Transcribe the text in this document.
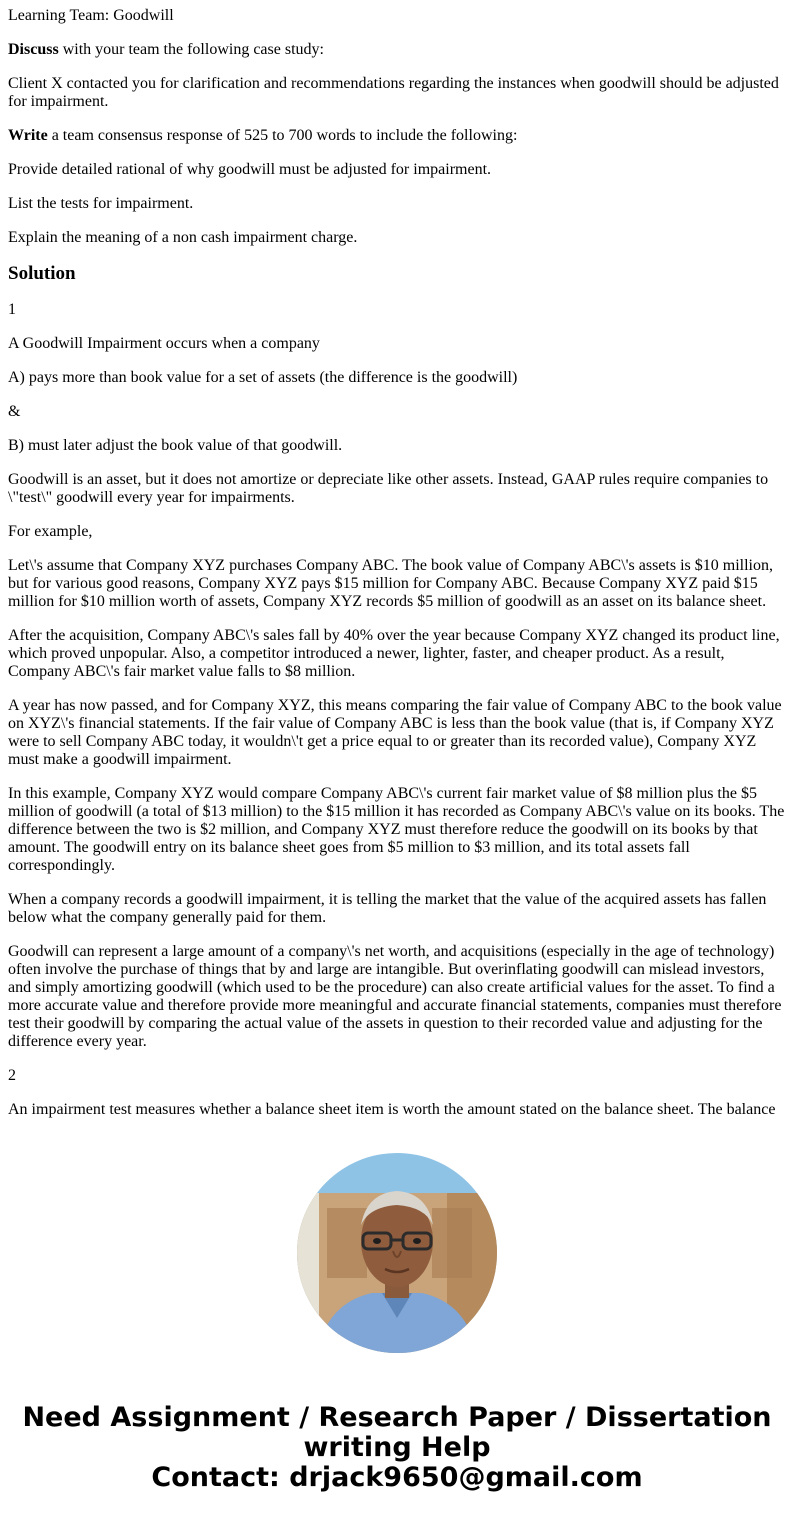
Learning Team: Goodwill

Discuss with your team the following case study:

Client X contacted you for clarification and recommendations regarding the instances when goodwill should be adjusted for impairment.

Write a team consensus response of 525 to 700 words to include the following:

Provide detailed rational of why goodwill must be adjusted for impairment.

List the tests for impairment.

Explain the meaning of a non cash impairment charge.

Solution

1

A Goodwill Impairment occurs when a company

A) pays more than book value for a set of assets (the difference is the goodwill)

&

B) must later adjust the book value of that goodwill.

Goodwill is an asset, but it does not amortize or depreciate like other assets. Instead, GAAP rules require companies to \"test\" goodwill every year for impairments.

For example,

Let\'s assume that Company XYZ purchases Company ABC. The book value of Company ABC\'s assets is $10 million, but for various good reasons, Company XYZ pays $15 million for Company ABC. Because Company XYZ paid $15 million for $10 million worth of assets, Company XYZ records $5 million of goodwill as an asset on its balance sheet.

After the acquisition, Company ABC\'s sales fall by 40% over the year because Company XYZ changed its product line, which proved unpopular. Also, a competitor introduced a newer, lighter, faster, and cheaper product. As a result, Company ABC\'s fair market value falls to $8 million.

A year has now passed, and for Company XYZ, this means comparing the fair value of Company ABC to the book value on XYZ\'s financial statements. If the fair value of Company ABC is less than the book value (that is, if Company XYZ were to sell Company ABC today, it wouldn\'t get a price equal to or greater than its recorded value), Company XYZ must make a goodwill impairment.

In this example, Company XYZ would compare Company ABC\'s current fair market value of $8 million plus the $5 million of goodwill (a total of $13 million) to the $15 million it has recorded as Company ABC\'s value on its books. The difference between the two is $2 million, and Company XYZ must therefore reduce the goodwill on its books by that amount. The goodwill entry on its balance sheet goes from $5 million to $3 million, and its total assets fall correspondingly.

When a company records a goodwill impairment, it is telling the market that the value of the acquired assets has fallen below what the company generally paid for them.

Goodwill can represent a large amount of a company\'s net worth, and acquisitions (especially in the age of technology) often involve the purchase of things that by and large are intangible. But overinflating goodwill can mislead investors, and simply amortizing goodwill (which used to be the procedure) can also create artificial values for the asset. To find a more accurate value and therefore provide more meaningful and accurate financial statements, companies must therefore test their goodwill by comparing the actual value of the assets in question to their recorded value and adjusting for the difference every year.

2

An impairment test measures whether a balance sheet item is worth the amount stated on the balance sheet. The balance

Need Assignment / Research Paper / Dissertation
writing Help
Contact: drjack9650@gmail.com
